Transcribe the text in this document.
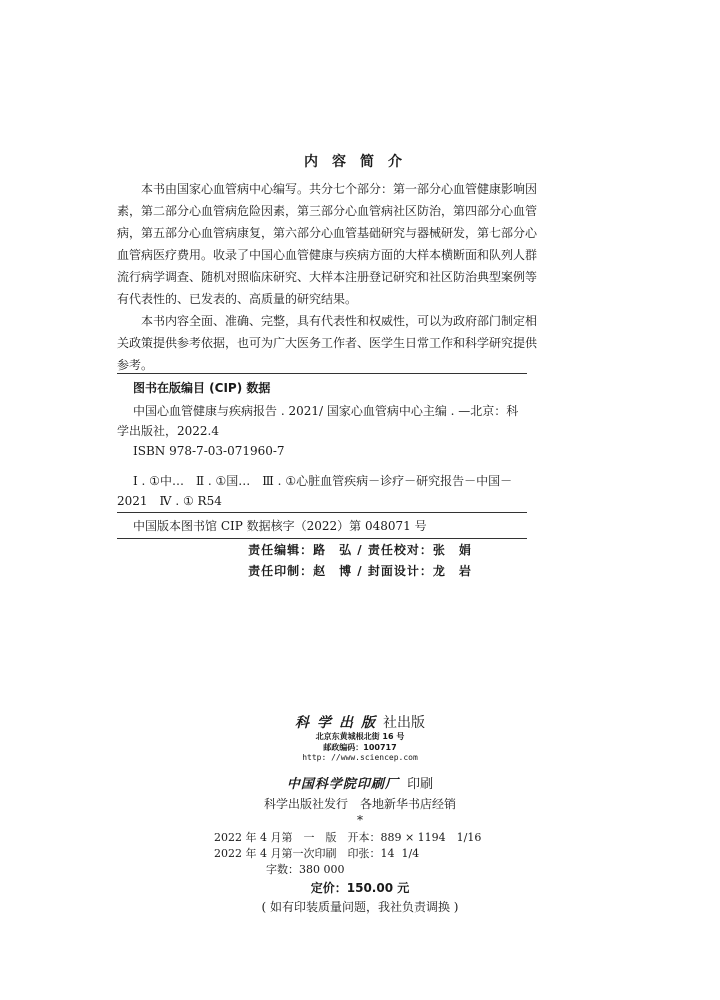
内容简介

本书由国家心血管病中心编写。共分七个部分：第一部分心血管健康影响因素，第二部分心血管病危险因素，第三部分心血管病社区防治，第四部分心血管病，第五部分心血管病康复，第六部分心血管基础研究与器械研发，第七部分心血管病医疗费用。收录了中国心血管健康与疾病方面的大样本横断面和队列人群流行病学调查、随机对照临床研究、大样本注册登记研究和社区防治典型案例等有代表性的、已发表的、高质量的研究结果。

本书内容全面、准确、完整，具有代表性和权威性，可以为政府部门制定相关政策提供参考依据，也可为广大医务工作者、医学生日常工作和科学研究提供参考。

图书在版编目 (CIP) 数据
中国心血管健康与疾病报告 . 2021/ 国家心血管病中心主编 . —北京：科学出版社，2022.4
ISBN 978-7-03-071960-7
Ⅰ . ①中…　Ⅱ . ①国…　Ⅲ . ①心脏血管疾病－诊疗－研究报告－中国－2021　Ⅳ . ① R54
中国版本图书馆 CIP 数据核字（2022）第 048071 号
责任编辑：路　弘 / 责任校对：张　娟
责任印制：赵　博 / 封面设计：龙　岩
科学出版社出版
北京东黄城根北街 16 号
邮政编码：100717
http: //www.sciencep.com
中国科学院印刷厂 印刷
科学出版社发行　各地新华书店经销
*
2022 年 4 月第　一　版　开本：889 × 1194　1/16
2022 年 4 月第一次印刷　印张：14  1/4
字数：380 000
定价：150.00 元
( 如有印装质量问题，我社负责调换 )
